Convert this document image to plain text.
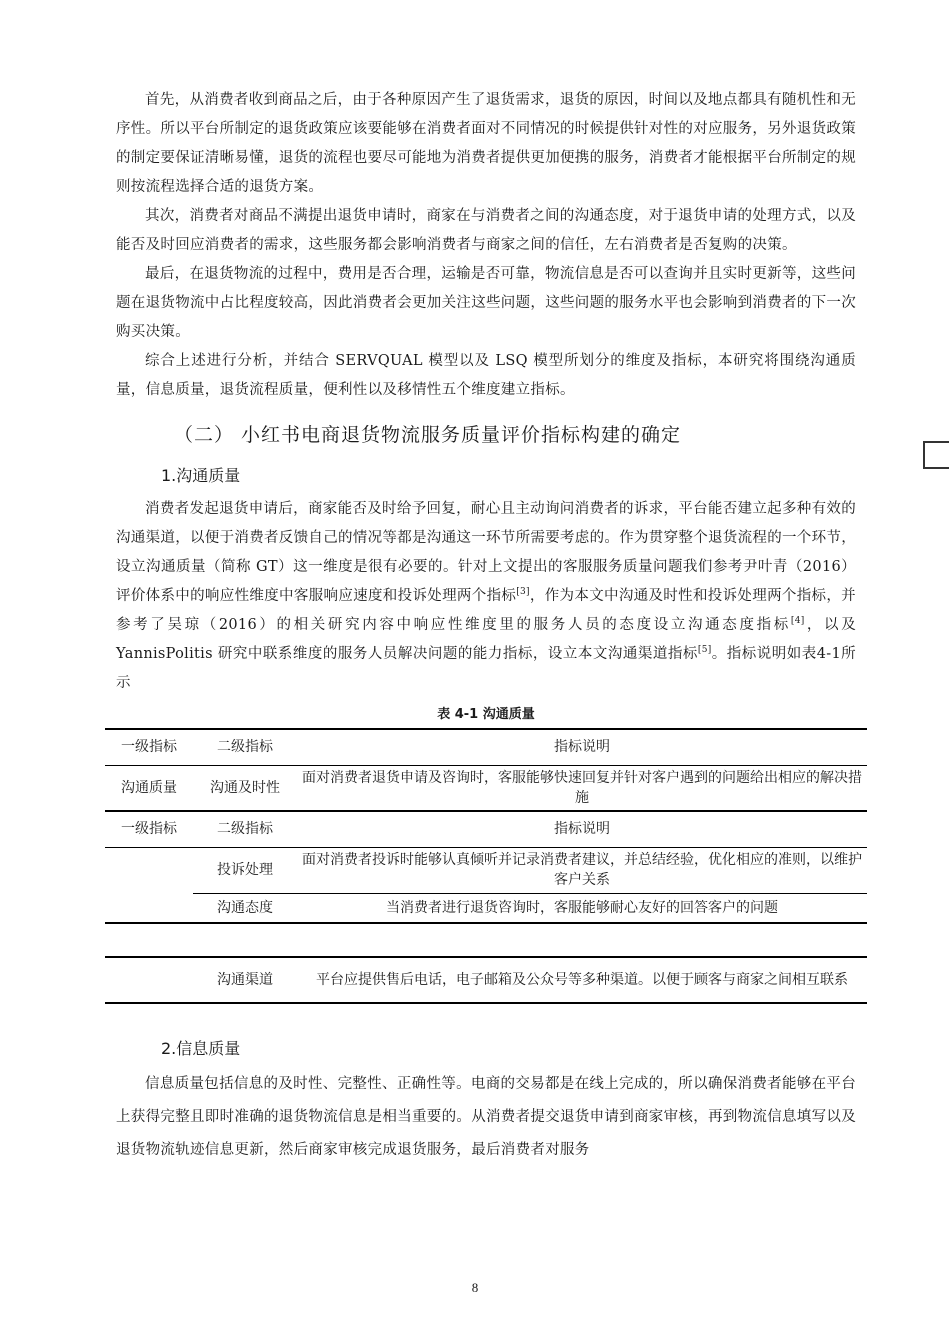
首先，从消费者收到商品之后，由于各种原因产生了退货需求，退货的原因，时间以及地点都具有随机性和无序性。所以平台所制定的退货政策应该要能够在消费者面对不同情况的时候提供针对性的对应服务，另外退货政策的制定要保证清晰易懂，退货的流程也要尽可能地为消费者提供更加便携的服务，消费者才能根据平台所制定的规则按流程选择合适的退货方案。

其次，消费者对商品不满提出退货申请时，商家在与消费者之间的沟通态度，对于退货申请的处理方式，以及能否及时回应消费者的需求，这些服务都会影响消费者与商家之间的信任，左右消费者是否复购的决策。

最后，在退货物流的过程中，费用是否合理，运输是否可靠，物流信息是否可以查询并且实时更新等，这些问题在退货物流中占比程度较高，因此消费者会更加关注这些问题，这些问题的服务水平也会影响到消费者的下一次购买决策。

综合上述进行分析，并结合 SERVQUAL 模型以及 LSQ 模型所划分的维度及指标，本研究将围绕沟通质量，信息质量，退货流程质量，便利性以及移情性五个维度建立指标。

（二） 小红书电商退货物流服务质量评价指标构建的确定
1.沟通质量

消费者发起退货申请后，商家能否及时给予回复，耐心且主动询问消费者的诉求，平台能否建立起多种有效的沟通渠道，以便于消费者反馈自己的情况等都是沟通这一环节所需要考虑的。作为贯穿整个退货流程的一个环节，设立沟通质量（简称 GT）这一维度是很有必要的。针对上文提出的客服服务质量问题我们参考尹叶青（2016）评价体系中的响应性维度中客服响应速度和投诉处理两个指标[3]，作为本文中沟通及时性和投诉处理两个指标，并参考了吴琼（2016）的相关研究内容中响应性维度里的服务人员的态度设立沟通态度指标[4]，以及 YannisPolitis 研究中联系维度的服务人员解决问题的能力指标，设立本文沟通渠道指标[5]。指标说明如表4-1所示

表 4-1 沟通质量
一级指标	二级指标	指标说明
沟通质量	沟通及时性	面对消费者退货申请及咨询时，客服能够快速回复并针对客户遇到的问题给出相应的解决措施
一级指标	二级指标	指标说明
	投诉处理	面对消费者投诉时能够认真倾听并记录消费者建议，并总结经验，优化相应的准则，以维护客户关系
	沟通态度	当消费者进行退货咨询时，客服能够耐心友好的回答客户的问题

	沟通渠道	平台应提供售后电话，电子邮箱及公众号等多种渠道。以便于顾客与商家之间相互联系
2.信息质量

信息质量包括信息的及时性、完整性、正确性等。电商的交易都是在线上完成的，所以确保消费者能够在平台上获得完整且即时准确的退货物流信息是相当重要的。从消费者提交退货申请到商家审核，再到物流信息填写以及退货物流轨迹信息更新，然后商家审核完成退货服务，最后消费者对服务

8
